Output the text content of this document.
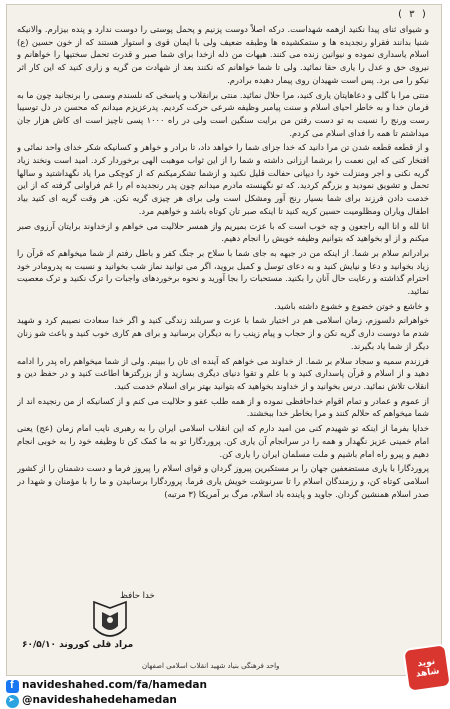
( ۳ )

و شیوای ثنای پیدا نکنید ازهمه شهداست. درکه اصلاً دوست پزنیم و پحمل پوستی را دوست ندارد و پنده بیزارم. والانیکه شنیا بدانند فقراو رنجدیده ها و ستمکشیده ها وطبقه ضعیف ولی با ایمان قوی و استوار هستند که از خون حسین (ع) اسلام یاسداری نموده و نیوانین زنده می کنند. هیهات من ذله ازخدا برای شما صبر و قدرت تحمل سختیها را خواهانم و نیروی حق و عدل را یاری حقا نمائید. ولی تا شما خواهانم که نکنند بعد از شهادت من گریه و زاری کنید که این کار اثر نیکو را می برد. پس است شهیدان روی پیمار دهیده برادرم.

منتی مرا با گلی و دعاهایتان یاری کنید، مرا حلال نمائید. منتی برانقلاب و پاسخی که نلسندم وسمی را برنجانید چون ما به فرمان خدا و به خاطر احیای اسلام و سنت پیامبر وظیفه شرعی حرکت کردیم. پدرعزیزم میدانم که محسن در دل توسیبا رست ورنج را نسبت به تو دست رفتن من برایت سنگین است ولی در راه ۱۰۰۰ پسی ناچیز است ای کاش هزار جان میداشتم تا همه را فدای اسلام می کردم.

و از قطعه قطعه شدن تن مرا دانید که خدا جزای شما را خواهد داد، تا برادر و خواهر و کسانیکه شکر خدای واحد نمائی و افتخار کنی که این نعمت را برشما ارزانی داشته و شما را از این ثواب موهبت الهی برخوردار کرد. امید است ونخند زیاد گریه نکنی و اجر ومنزلت خود را دیپانی حفالت قلیل نکنید و ازشما تشکرمیکنم که از کوچکی مرا یاد نگهداشتید و سالها تحمل و تشویق نمودید و بزرگم کردید. که تو نگهنسته مادرم میدانم چون پدر رنجدیده ام را غم فراوانی گرفته که از این خدمت دادن فرزند برای شما بسیار رنج آور ومشکل است ولی برای هر چیزی گریه نکن. هر وقت گریه ای کنید بیاد اطفال ویاران ومظلومیت حسین کریه کنید تا اینکه صبر تان کوتاه باشد و خواهیم مرد.

انا لله و انا الیه راجعون و چه خوب است که با عزت بمیریم واز همسر حلالیت می خواهم و ازخداوند برایتان آرزوی صبر میکنم و از او بخواهید که بتوانیم وظیفه خویش را انجام دهیم.

برادرانم سلام بر شما. از اینکه من در جبهه به جای شما با سلاح بر جنگ کفر و باطل رفتم از شما میخواهم که قرآن را زیاد بخوانید و دعا و نیایش کنید و به دعای توسل و کمیل بروید، اگر می توانید نماز شب بخوانید و نسبت به پدرومادر خود احترام گذاشته و رعایت حال آنان را بکنید. مستحبات را بجا آورید و نحوه برخوردهای واجبات را ترک نکنید و ترک معصیت نمائید.

و خاشع و خوتن خضوع و خشوع داشته باشید.

خواهرانم دلسوزم، زمان اسلامی هم در اختیار شما با عزت و سربلند زندگی کنید و اگر خدا سعادت نصیبم کرد و شهید شدم ما دوست داری گریه نکن و از حجاب و پیام زینب را به دیگران برسانید و برای هم کاری خوب کنید و باعث شو زنان دیگر از شما یاد بگیرند.

فرزندم سمیه و سجاد سلام بر شما. از خداوند می خواهم که آینده ای تان را ببینم. ولی از شما میخواهم راه پدر را ادامه دهید و از اسلام و قرآن پاسداری کنید و با علم و تقوا دنیای دیگری بسازید و از بزرگترها اطاعت کنید و در حفظ دین و انقلاب تلاش نمائید. درس بخوانید و از خداوند بخواهید که بتوانید بهتر برای اسلام خدمت کنید.

از عموم و عمادر و تمام اقوام خداحافظی نموده و از همه طلب عفو و حلالیت می کنم و از کسانیکه از من رنجیده اند از شما میخواهم که حلالم کنند و مرا بخاطر خدا ببخشند.

خدایا بفرما از اینکه تو شهیدم کنی من امید دارم که این انقلاب اسلامی ایران را به رهبری نایب امام زمان (عج) یعنی امام خمینی عزیز نگهدار و همه را در سرانجام آن یاری کن. پروردگارا تو به ما کمک کن تا وظیفه خود را به خوبی انجام دهیم و پیرو راه امام باشیم و ملت مسلمان ایران را یاری کن.

پروردگارا با یاری مستضعفین جهان را بر مستکبرین پیروز گردان و قوای اسلام را پیروز فرما و دست دشمنان را از کشور اسلامی کوتاه کن، و رزمندگان اسلام را تا سرنوشت خویش یاری فرما. پروردگارا برسانیدن و ما را با مؤمنان و شهدا در صدر اسلام همنشین گردان. جاوید و پاینده باد اسلام، مرگ بر آمریکا (۳ مرتبه)

خدا حافظ
مراد قلی کوروند ۶۰/۵/۱۰
واحد فرهنگی بنیاد شهید انقلاب اسلامی اصفهان
f
➤
navideshahed.com/fa/hamedan
@navideshahedehamedan
نوید شاهد
